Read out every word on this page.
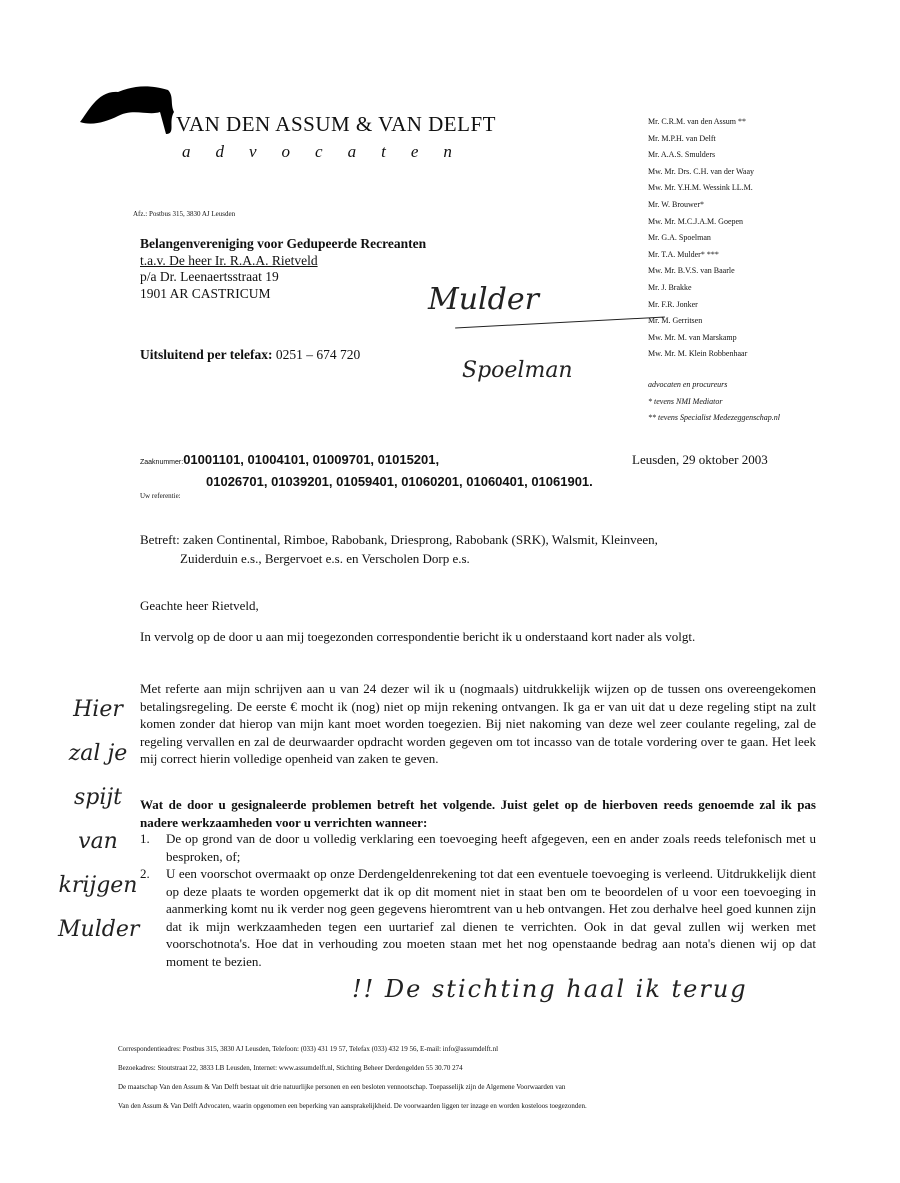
VAN DEN ASSUM & VAN DELFT
advocaten
Mr. C.R.M. van den Assum **
Mr. M.P.H. van Delft
Mr. A.A.S. Smulders
Mw. Mr. Drs. C.H. van der Waay
Mw. Mr. Y.H.M. Wessink LL.M.
Mr. W. Brouwer*
Mw. Mr. M.C.J.A.M. Goepen
Mr. G.A. Spoelman
Mr. T.A. Mulder* ***
Mw. Mr. B.V.S. van Baarle
Mr. J. Brakke
Mr. F.R. Jonker
Mr. M. Gerritsen
Mw. Mr. M. van Marskamp
Mw. Mr. M. Klein Robbenhaar
advocaten en procureurs
* tevens NMI Mediator
** tevens Specialist Medezeggenschap.nl
Afz.: Postbus 315, 3830 AJ Leusden
Belangenvereniging voor Gedupeerde Recreanten
t.a.v. De heer Ir. R.A.A. Rietveld
p/a Dr. Leenaertsstraat 19
1901 AR CASTRICUM
Uitsluitend per telefax: 0251 – 674 720
Zaaknummer:01001101, 01004101, 01009701, 01015201,
01026701, 01039201, 01059401, 01060201, 01060401, 01061901.
Leusden, 29 oktober 2003
Uw referentie:
Betreft: zaken Continental, Rimboe, Rabobank, Driesprong, Rabobank (SRK), Walsmit, Kleinveen,
Zuiderduin e.s., Bergervoet e.s. en Verscholen Dorp e.s.
Geachte heer Rietveld,
In vervolg op de door u aan mij toegezonden correspondentie bericht ik u onderstaand kort nader als volgt.
Met referte aan mijn schrijven aan u van 24 dezer wil ik u (nogmaals) uitdrukkelijk wijzen op de tussen ons overeengekomen betalingsregeling. De eerste € mocht ik (nog) niet op mijn rekening ontvangen. Ik ga er van uit dat u deze regeling stipt na zult komen zonder dat hierop van mijn kant moet worden toegezien. Bij niet nakoming van deze wel zeer coulante regeling, zal de regeling vervallen en zal de deurwaarder opdracht worden gegeven om tot incasso van de totale vordering over te gaan. Het leek mij correct hierin volledige openheid van zaken te geven.
Wat de door u gesignaleerde problemen betreft het volgende. Juist gelet op de hierboven reeds genoemde zal ik pas nadere werkzaamheden voor u verrichten wanneer:
1.	De op grond van de door u volledig verklaring een toevoeging heeft afgegeven, een en ander zoals reeds telefonisch met u besproken, of;
2.	U een voorschot overmaakt op onze Derdengeldenrekening tot dat een eventuele toevoeging is verleend. Uitdrukkelijk dient op deze plaats te worden opgemerkt dat ik op dit moment niet in staat ben om te beoordelen of u voor een toevoeging in aanmerking komt nu ik verder nog geen gegevens hieromtrent van u heb ontvangen. Het zou derhalve heel goed kunnen zijn dat ik mijn werkzaamheden tegen een uurtarief zal dienen te verrichten. Ook in dat geval zullen wij werken met voorschotnota's. Hoe dat in verhouding zou moeten staan met het nog openstaande bedrag aan nota's dienen wij op dat moment te bezien.
Correspondentieadres: Postbus 315, 3830 AJ Leusden, Telefoon: (033) 431 19 57, Telefax (033) 432 19 56, E-mail: info@assumdelft.nl
Bezoekadres: Stoutstraat 22, 3833 LB Leusden, Internet: www.assumdelft.nl, Stichting Beheer Derdengelden 55 30.70 274
De maatschap Van den Assum & Van Delft bestaat uit drie natuurlijke personen en een besloten vennootschap. Toepasselijk zijn de Algemene Voorwaarden van
Van den Assum & Van Delft Advocaten, waarin opgenomen een beperking van aansprakelijkheid. De voorwaarden liggen ter inzage en worden kosteloos toegezonden.
Mulder
Spoelman
Hier
zal je
spijt
van
krijgen
Mulder
!! De stichting haal ik terug
